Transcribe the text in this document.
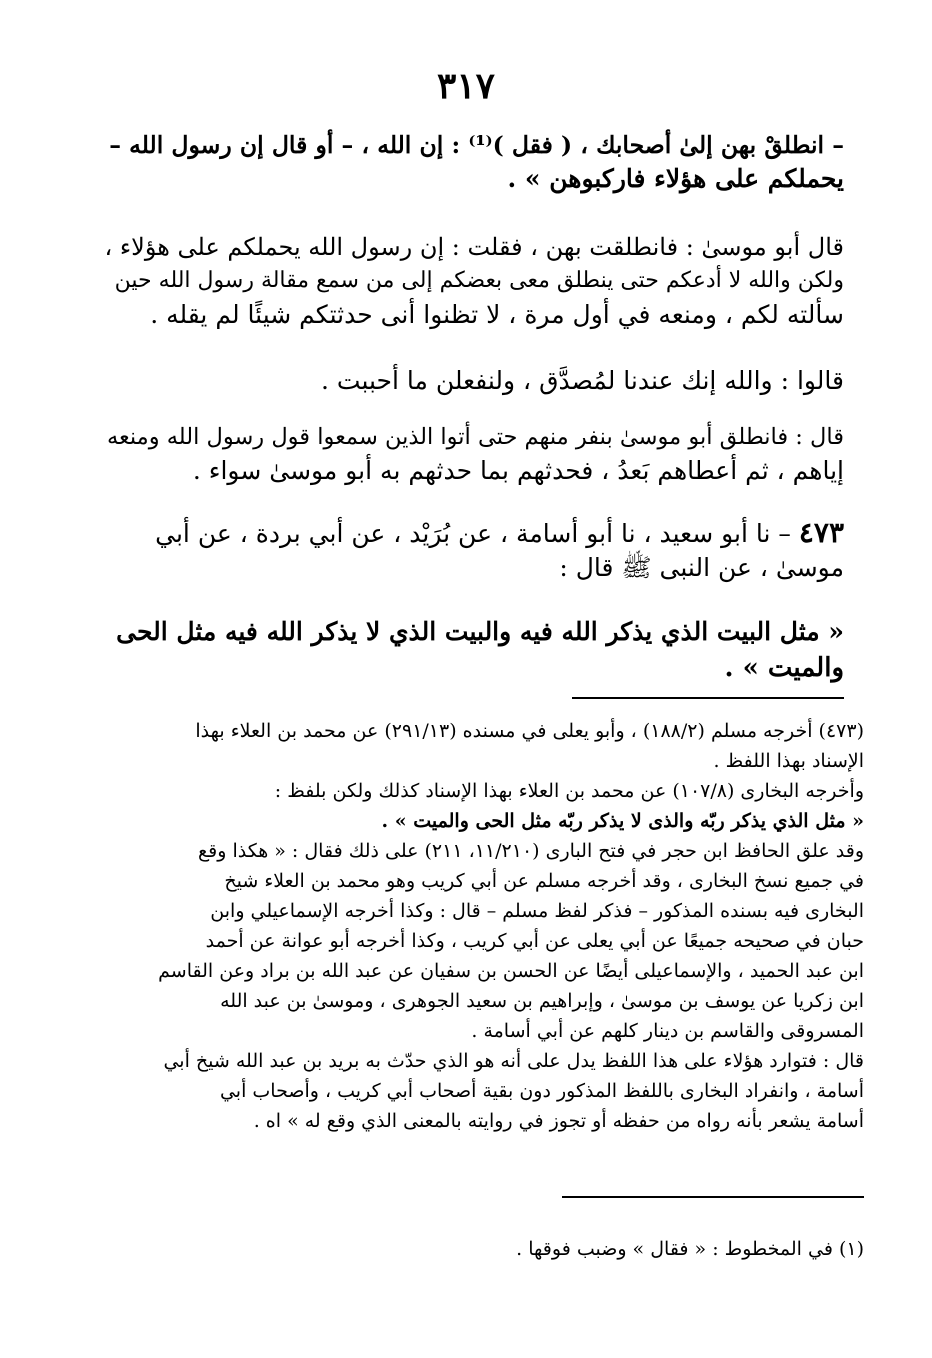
٣١٧
– انطلقْ بهن إلىٰ أصحابك ، ( فقل )⁽¹⁾ : إن الله ، – أو قال إن رسول الله –
يحملكم على هؤلاء فاركبوهن » .
قال أبو موسىٰ : فانطلقت بهن ، فقلت : إن رسول الله يحملكم على هؤلاء ،
ولكن والله لا أدعكم حتى ينطلق معى بعضكم إلى من سمع مقالة رسول الله حين
سألته لكم ، ومنعه في أول مرة ، لا تظنوا أنى حدثتكم شيئًا لم يقله .
قالوا : والله إنك عندنا لمُصدَّق ، ولنفعلن ما أحببت .
قال : فانطلق أبو موسىٰ بنفر منهم حتى أتوا الذين سمعوا قول رسول الله ومنعه
إياهم ، ثم أعطاهم بَعدُ ، فحدثهم بما حدثهم به أبو موسىٰ سواء .
٤٧٣ – نا أبو سعيد ، نا أبو أسامة ، عن بُرَيْد ، عن أبي بردة ، عن أبي
موسىٰ ، عن النبى ﷺ قال :
« مثل البيت الذي يذكر الله فيه والبيت الذي لا يذكر الله فيه مثل الحى
والميت » .
(٤٧٣) أخرجه مسلم (١٨٨/٢) ، وأبو يعلى في مسنده (٢٩١/١٣) عن محمد بن العلاء بهذا
الإسناد بهذا اللفظ .
وأخرجه البخارى (١٠٧/٨) عن محمد بن العلاء بهذا الإسناد كذلك ولكن بلفظ :
« مثل الذي يذكر ربّه والذى لا يذكر ربّه مثل الحى والميت » .
وقد علق الحافظ ابن حجر في فتح البارى (١١/٢١٠، ٢١١) على ذلك فقال : « هكذا وقع
في جميع نسخ البخارى ، وقد أخرجه مسلم عن أبي كريب وهو محمد بن العلاء شيخ
البخارى فيه بسنده المذكور – فذكر لفظ مسلم – قال : وكذا أخرجه الإسماعيلي وابن
حبان في صحيحه جميعًا عن أبي يعلى عن أبي كريب ، وكذا أخرجه أبو عوانة عن أحمد
ابن عبد الحميد ، والإسماعيلى أيضًا عن الحسن بن سفيان عن عبد الله بن براد وعن القاسم
ابن زكريا عن يوسف بن موسىٰ ، وإبراهيم بن سعيد الجوهرى ، وموسىٰ بن عبد الله
المسروقى والقاسم بن دينار كلهم عن أبي أسامة .
قال : فتوارد هؤلاء على هذا اللفظ يدل على أنه هو الذي حدّث به بريد بن عبد الله شيخ أبي
أسامة ، وانفراد البخارى باللفظ المذكور دون بقية أصحاب أبي كريب ، وأصحاب أبي
أسامة يشعر بأنه رواه من حفظه أو تجوز في روايته بالمعنى الذي وقع له » اه .
(١) في المخطوط : « فقال » وضبب فوقها .
